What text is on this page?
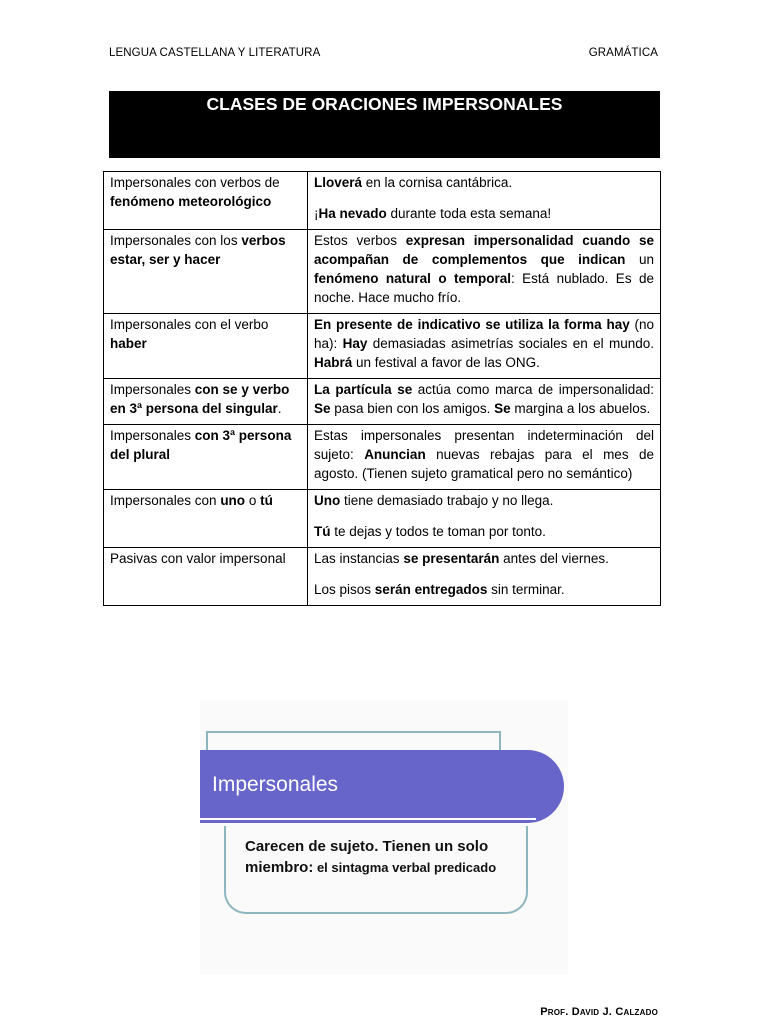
LENGUA CASTELLANA Y LITERATURA	GRAMÁTICA
CLASES DE ORACIONES IMPERSONALES
Impersonales con verbos de fenómeno meteorológico	Lloverá en la cornisa cantábrica.

¡Ha nevado durante toda esta semana!

Impersonales con los verbos estar, ser y hacer	Estos verbos expresan impersonalidad cuando se acompañan de complementos que indican un fenómeno natural o temporal: Está nublado. Es de noche. Hace mucho frío.

Impersonales con el verbo haber	En presente de indicativo se utiliza la forma hay (no ha): Hay demasiadas asimetrías sociales en el mundo. Habrá un festival a favor de las ONG.

Impersonales con se y verbo en 3ª persona del singular.	La partícula se actúa como marca de impersonalidad: Se pasa bien con los amigos. Se margina a los abuelos.

Impersonales con 3ª persona del plural	Estas impersonales presentan indeterminación del sujeto: Anuncian nuevas rebajas para el mes de agosto. (Tienen sujeto gramatical pero no semántico)

Impersonales con uno o tú	Uno tiene demasiado trabajo y no llega.

Tú te dejas y todos te toman por tonto.

Pasivas con valor impersonal	Las instancias se presentarán antes del viernes.

Los pisos serán entregados sin terminar.

Impersonales
Carecen de sujeto. Tienen un solo
miembro: el sintagma verbal predicado
Prof. David J. Calzado
